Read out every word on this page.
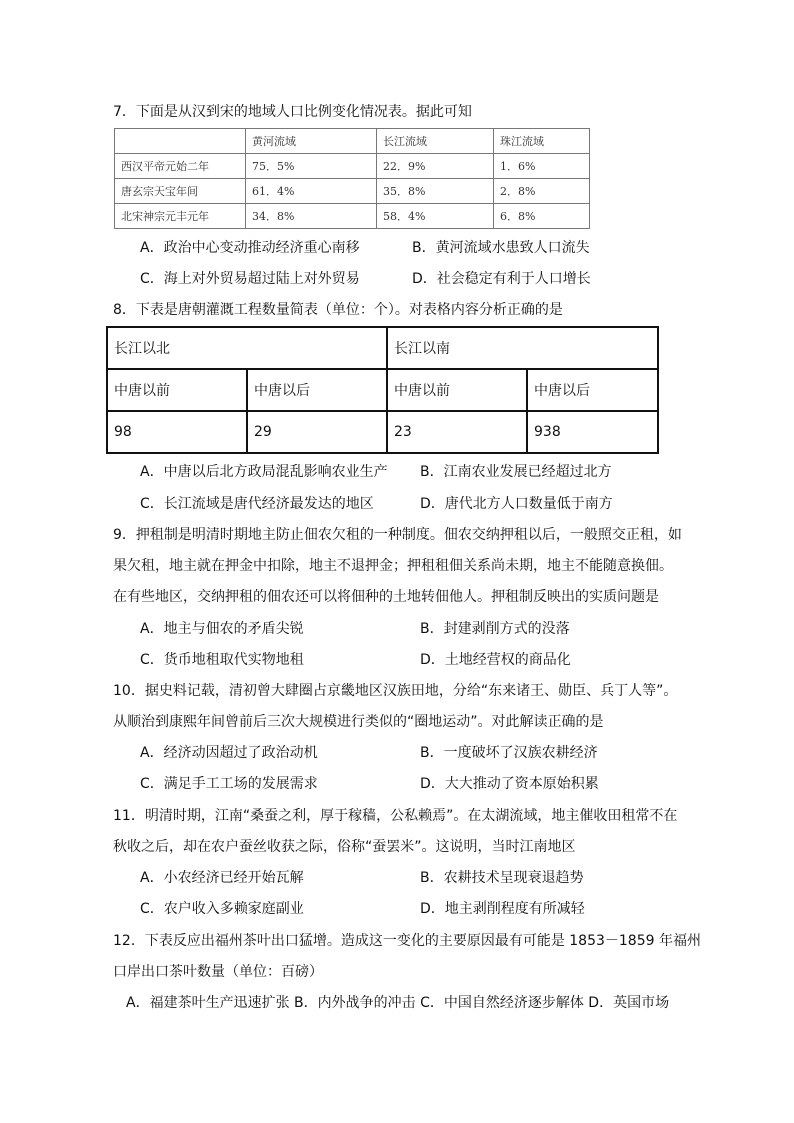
7．下面是从汉到宋的地域人口比例变化情况表。据此可知
	黄河流域	长江流域	珠江流域
西汉平帝元始二年	75．5%	22．9%	1．6%
唐玄宗天宝年间	61．4%	35．8%	2．8%
北宋神宗元丰元年	34．8%	58．4%	6．8%
A．政治中心变动推动经济重心南移	B．黄河流域水患致人口流失
C．海上对外贸易超过陆上对外贸易	D．社会稳定有利于人口增长
8．下表是唐朝灌溉工程数量简表（单位：个）。对表格内容分析正确的是
长江以北		长江以南	
中唐以前	中唐以后	中唐以前	中唐以后
98	29	23	938
A．中唐以后北方政局混乱影响农业生产 B．江南农业发展已经超过北方
C．长江流域是唐代经济最发达的地区	D．唐代北方人口数量低于南方
9．押租制是明清时期地主防止佃农欠租的一种制度。佃农交纳押租以后，一般照交正租，如
果欠租，地主就在押金中扣除，地主不退押金；押租租佃关系尚未期，地主不能随意换佃。
在有些地区，交纳押租的佃农还可以将佃种的土地转佃他人。押租制反映出的实质问题是
A．地主与佃农的矛盾尖锐	B．封建剥削方式的没落
C．货币地租取代实物地租	D．土地经营权的商品化
10．据史料记载，清初曾大肆圈占京畿地区汉族田地，分给“东来诸王、勋臣、兵丁人等”。
从顺治到康熙年间曾前后三次大规模进行类似的“圈地运动”。对此解读正确的是
A．经济动因超过了政治动机	B．一度破坏了汉族农耕经济
C．满足手工工场的发展需求	D．大大推动了资本原始积累
11．明清时期，江南“桑蚕之利，厚于稼穑，公私赖焉”。在太湖流域，地主催收田租常不在
秋收之后，却在农户蚕丝收获之际，俗称“蚕罢米”。这说明，当时江南地区
A．小农经济已经开始瓦解	B．农耕技术呈现衰退趋势
C．农户收入多赖家庭副业	D．地主剥削程度有所减轻
12．下表反应出福州茶叶出口猛增。造成这一变化的主要原因最有可能是 1853－1859 年福州
口岸出口茶叶数量（单位：百磅）
A．福建茶叶生产迅速扩张 B．内外战争的冲击 C．中国自然经济逐步解体 D．英国市场
